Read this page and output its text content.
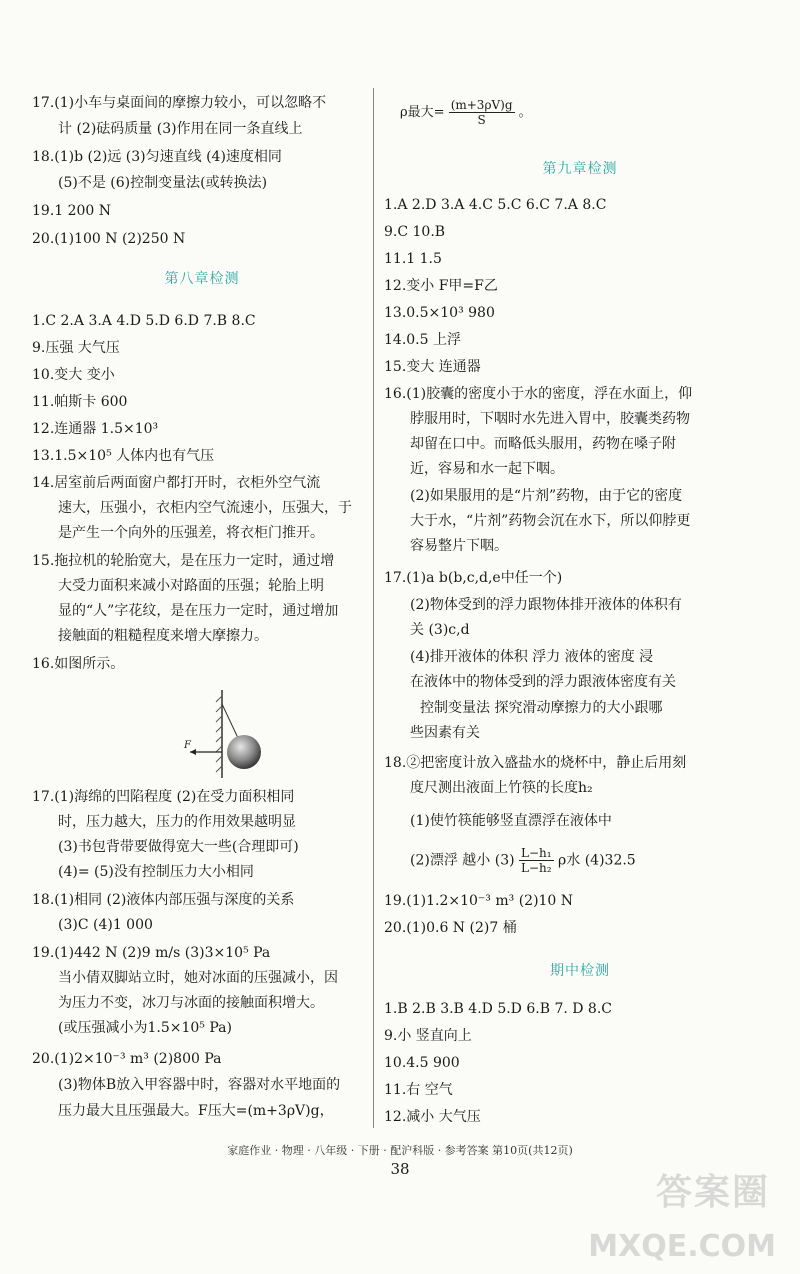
17.(1)小车与桌面间的摩擦力较小，可以忽略不
计 (2)砝码质量 (3)作用在同一条直线上
18.(1)b (2)远 (3)匀速直线 (4)速度相同
(5)不是 (6)控制变量法(或转换法)
19.1 200 N
20.(1)100 N (2)250 N
第八章检测
1.C 2.A 3.A 4.D 5.D 6.D 7.B 8.C
9.压强 大气压
10.变大 变小
11.帕斯卡 600
12.连通器 1.5×10³
13.1.5×10⁵ 人体内也有气压
14.居室前后两面窗户都打开时，衣柜外空气流
速大，压强小，衣柜内空气流速小，压强大，于
是产生一个向外的压强差，将衣柜门推开。
15.拖拉机的轮胎宽大，是在压力一定时，通过增
大受力面积来减小对路面的压强；轮胎上明
显的“人”字花纹，是在压力一定时，通过增加
接触面的粗糙程度来增大摩擦力。
16.如图所示。
F
17.(1)海绵的凹陷程度 (2)在受力面积相同
时，压力越大，压力的作用效果越明显
(3)书包背带要做得宽大一些(合理即可)
(4)= (5)没有控制压力大小相同
18.(1)相同 (2)液体内部压强与深度的关系
(3)C (4)1 000
19.(1)442 N (2)9 m/s (3)3×10⁵ Pa
当小倩双脚站立时，她对冰面的压强减小，因
为压力不变，冰刀与冰面的接触面积增大。
(或压强减小为1.5×10⁵ Pa)
20.(1)2×10⁻³ m³ (2)800 Pa
(3)物体B放入甲容器中时，容器对水平地面的
压力最大且压强最大。F压大=(m+3ρV)g，
ρ最大= $\frac{(m+3\rho V)g}{S}$ 。
第九章检测
1.A 2.D 3.A 4.C 5.C 6.C 7.A 8.C
9.C 10.B
11.1 1.5
12.变小 F甲=F乙
13.0.5×10³ 980
14.0.5 上浮
15.变大 连通器
16.(1)胶囊的密度小于水的密度，浮在水面上，仰
脖服用时，下咽时水先进入胃中，胶囊类药物
却留在口中。而略低头服用，药物在嗓子附
近，容易和水一起下咽。
(2)如果服用的是“片剂”药物，由于它的密度
大于水，“片剂”药物会沉在水下，所以仰脖更
容易整片下咽。
17.(1)a b(b,c,d,e中任一个)
(2)物体受到的浮力跟物体排开液体的体积有
关 (3)c,d
(4)排开液体的体积 浮力 液体的密度 浸
在液体中的物体受到的浮力跟液体密度有关
控制变量法 探究滑动摩擦力的大小跟哪
些因素有关
18.②把密度计放入盛盐水的烧杯中，静止后用刻
度尺测出液面上竹筷的长度h₂
(1)使竹筷能够竖直漂浮在液体中
(2)漂浮 越小 $(3) \frac{\text{L−h₁}}{\text{L−h₂}}$ ρ水 (4)32.5
19.(1)1.2×10⁻³ m³ (2)10 N
20.(1)0.6 N (2)7 桶
期中检测
1.B 2.B 3.B 4.D 5.D 6.B 7. D 8.C
9.小 竖直向上
10.4.5 900
11.右 空气
12.减小 大气压
家庭作业 · 物理 · 八年级 · 下册 · 配沪科版 · 参考答案 第10页(共12页)
38
答案圈
MXQE.COM
